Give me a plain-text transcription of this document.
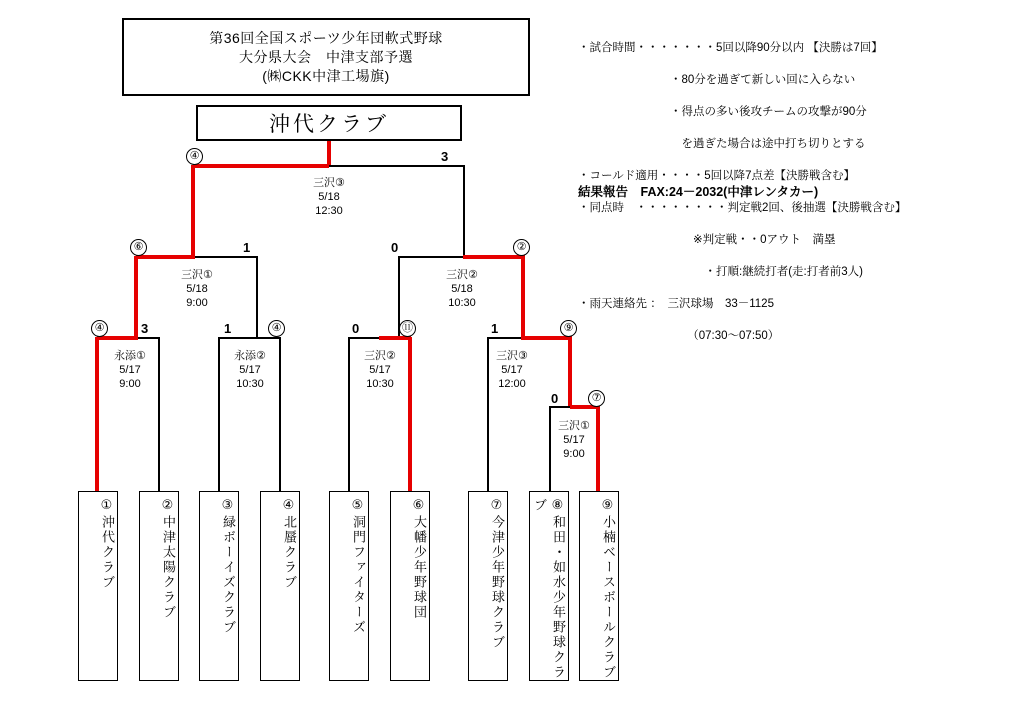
第36回全国スポーツ少年団軟式野球
大分県大会　中津支部予選
(㈱CKK中津工場旗)
沖代クラブ

・試合時間・・・・・・・5回以降90分以内 【決勝は7回】

　　　　　　　　・80分を過ぎて新しい回に入らない

　　　　　　　　・得点の多い後攻チームの攻撃が90分

　　　　　　　　　を過ぎた場合は途中打ち切りとする

・コールド適用・・・・5回以降7点差【決勝戦含む】

・同点時　・・・・・・・・判定戦2回、後抽選【決勝戦含む】

　　　　　　　　　　※判定戦・・0アウト　満塁

　　　　　　　　　　　・打順:継続打者(走:打者前3人)

・雨天連絡先 ：　三沢球場　33－1125

　　　　　　　　　　（07:30～07:50）

結果報告　FAX:24－2032(中津レンタカー)
④	3
三沢③
5/18
12:30
⑥	1
三沢①
5/18
9:00
0	②
三沢②
5/18
10:30
④	3
永添①
5/17
9:00
1	④
永添②
5/17
10:30
0	⑪
三沢②
5/17
10:30
1	⑨
三沢③
5/17
12:00
0	⑦
三沢①
5/17
9:00
①沖代クラブ
②中津太陽クラブ
③緑ボーイズクラブ
④北蜃クラブ
⑤洞門ファイターズ
⑥大幡少年野球団
⑦今津少年野球クラブ
⑧和田・如水少年野球クラブ	⑨小楠ベースボールクラブ
